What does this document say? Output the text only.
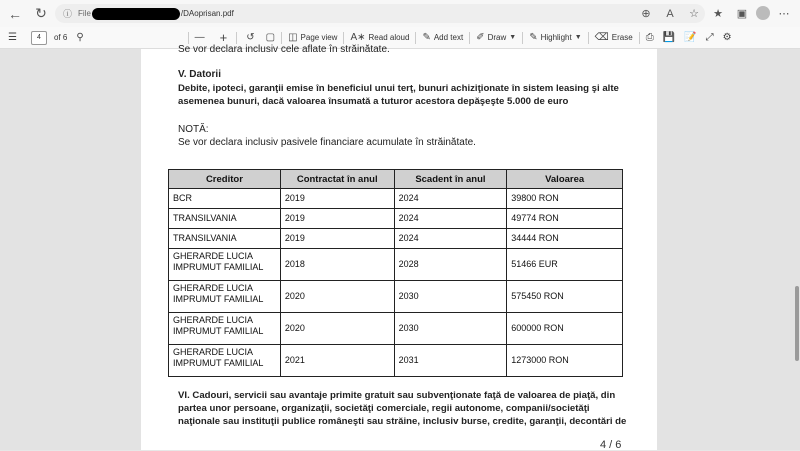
← ↻	ⓘ File	/DAoprisan.pdf	⊕	A	☆	★	▣	⋯
☰	4	of 6 ⚲	— + ↺ ▢ ◫ Page view A∗ Read aloud ✎ Add text ✐ Draw ▼ ✎ Highlight ▼ ⌫ Erase ⎙ 💾 📝 ⤢ ⚙
Se vor declara inclusiv cele aflate în străinătate.
V. Datorii
Debite, ipoteci, garanţii emise în beneficiul unui terţ, bunuri achiziţionate în sistem leasing şi alte
asemenea bunuri, dacă valoarea însumată a tuturor acestora depăşeşte 5.000 de euro
NOTĂ:
Se vor declara inclusiv pasivele financiare acumulate în străinătate.
Creditor	Contractat în anul	Scadent în anul	Valoarea
BCR	2019	2024	39800 RON
TRANSILVANIA	2019	2024	49774 RON
TRANSILVANIA	2019	2024	34444 RON
GHERARDE LUCIA
IMPRUMUT FAMILIAL	2018	2028	51466 EUR
GHERARDE LUCIA
IMPRUMUT FAMILIAL	2020	2030	575450 RON
GHERARDE LUCIA
IMPRUMUT FAMILIAL	2020	2030	600000 RON
GHERARDE LUCIA
IMPRUMUT FAMILIAL	2021	2031	1273000 RON
VI. Cadouri, servicii sau avantaje primite gratuit sau subvenţionate faţă de valoarea de piaţă, din
partea unor persoane, organizaţii, societăţi comerciale, regii autonome, companii/societăţi
naţionale sau instituţii publice româneşti sau străine, inclusiv burse, credite, garanţii, decontări de
4 / 6
